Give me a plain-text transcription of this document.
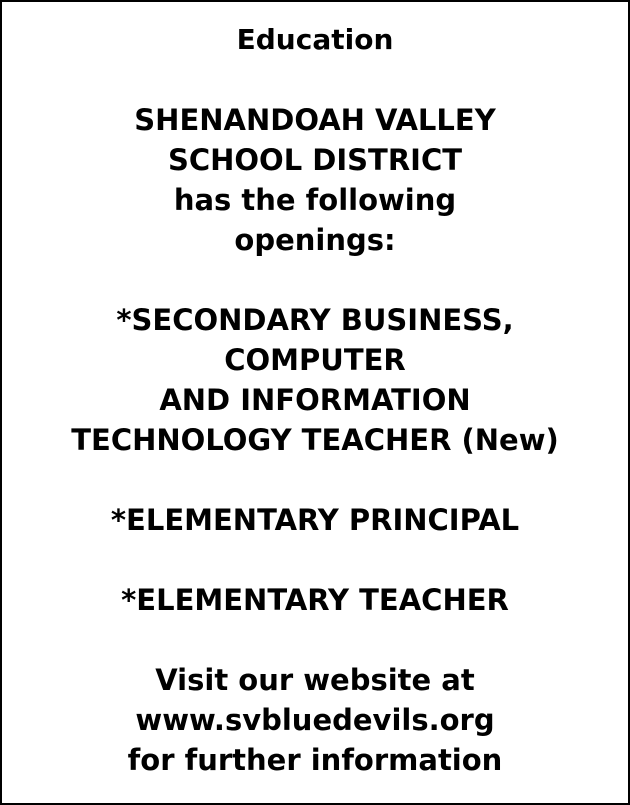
Education
SHENANDOAH VALLEY
SCHOOL DISTRICT
has the following
openings:
*SECONDARY BUSINESS,
COMPUTER
AND INFORMATION
TECHNOLOGY TEACHER (New)
*ELEMENTARY PRINCIPAL
*ELEMENTARY TEACHER
Visit our website at
www.svbluedevils.org
for further information
